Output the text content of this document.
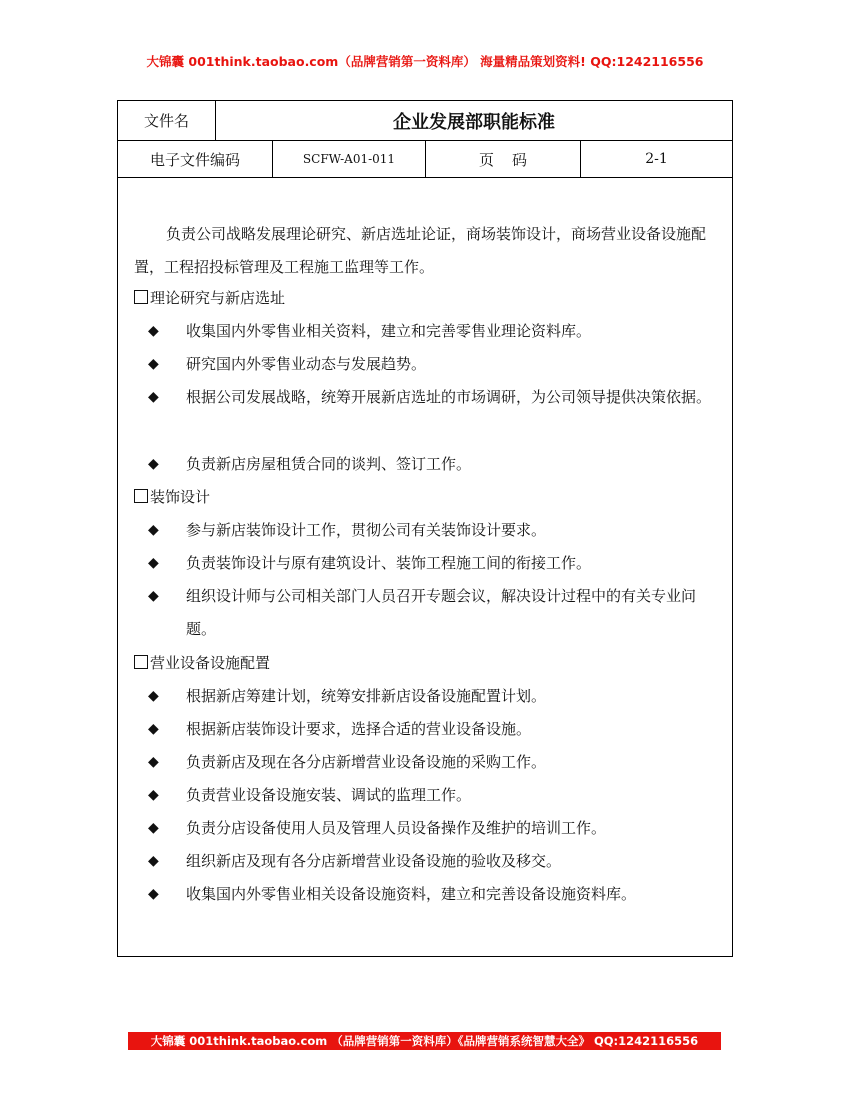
大锦囊 001think.taobao.com（品牌营销第一资料库） 海量精品策划资料! QQ:1242116556
文件名	企业发展部职能标准
电子文件编码	SCFW-A01-011	页码	2-1

负责公司战略发展理论研究、新店选址论证，商场装饰设计，商场营业设备设施配置，工程招投标管理及工程施工监理等工作。

理论研究与新店选址
◆	收集国内外零售业相关资料，建立和完善零售业理论资料库。
◆	研究国内外零售业动态与发展趋势。
◆	根据公司发展战略，统筹开展新店选址的市场调研，为公司领导提供决策依据。
◆	负责新店房屋租赁合同的谈判、签订工作。
装饰设计
◆	参与新店装饰设计工作，贯彻公司有关装饰设计要求。
◆	负责装饰设计与原有建筑设计、装饰工程施工间的衔接工作。
◆	组织设计师与公司相关部门人员召开专题会议，解决设计过程中的有关专业问题。
营业设备设施配置
◆	根据新店筹建计划，统筹安排新店设备设施配置计划。
◆	根据新店装饰设计要求，选择合适的营业设备设施。
◆	负责新店及现在各分店新增营业设备设施的采购工作。
◆	负责营业设备设施安装、调试的监理工作。
◆	负责分店设备使用人员及管理人员设备操作及维护的培训工作。
◆	组织新店及现有各分店新增营业设备设施的验收及移交。
◆	收集国内外零售业相关设备设施资料，建立和完善设备设施资料库。
大锦囊 001think.taobao.com （品牌营销第一资料库）《品牌营销系统智慧大全》 QQ:1242116556
